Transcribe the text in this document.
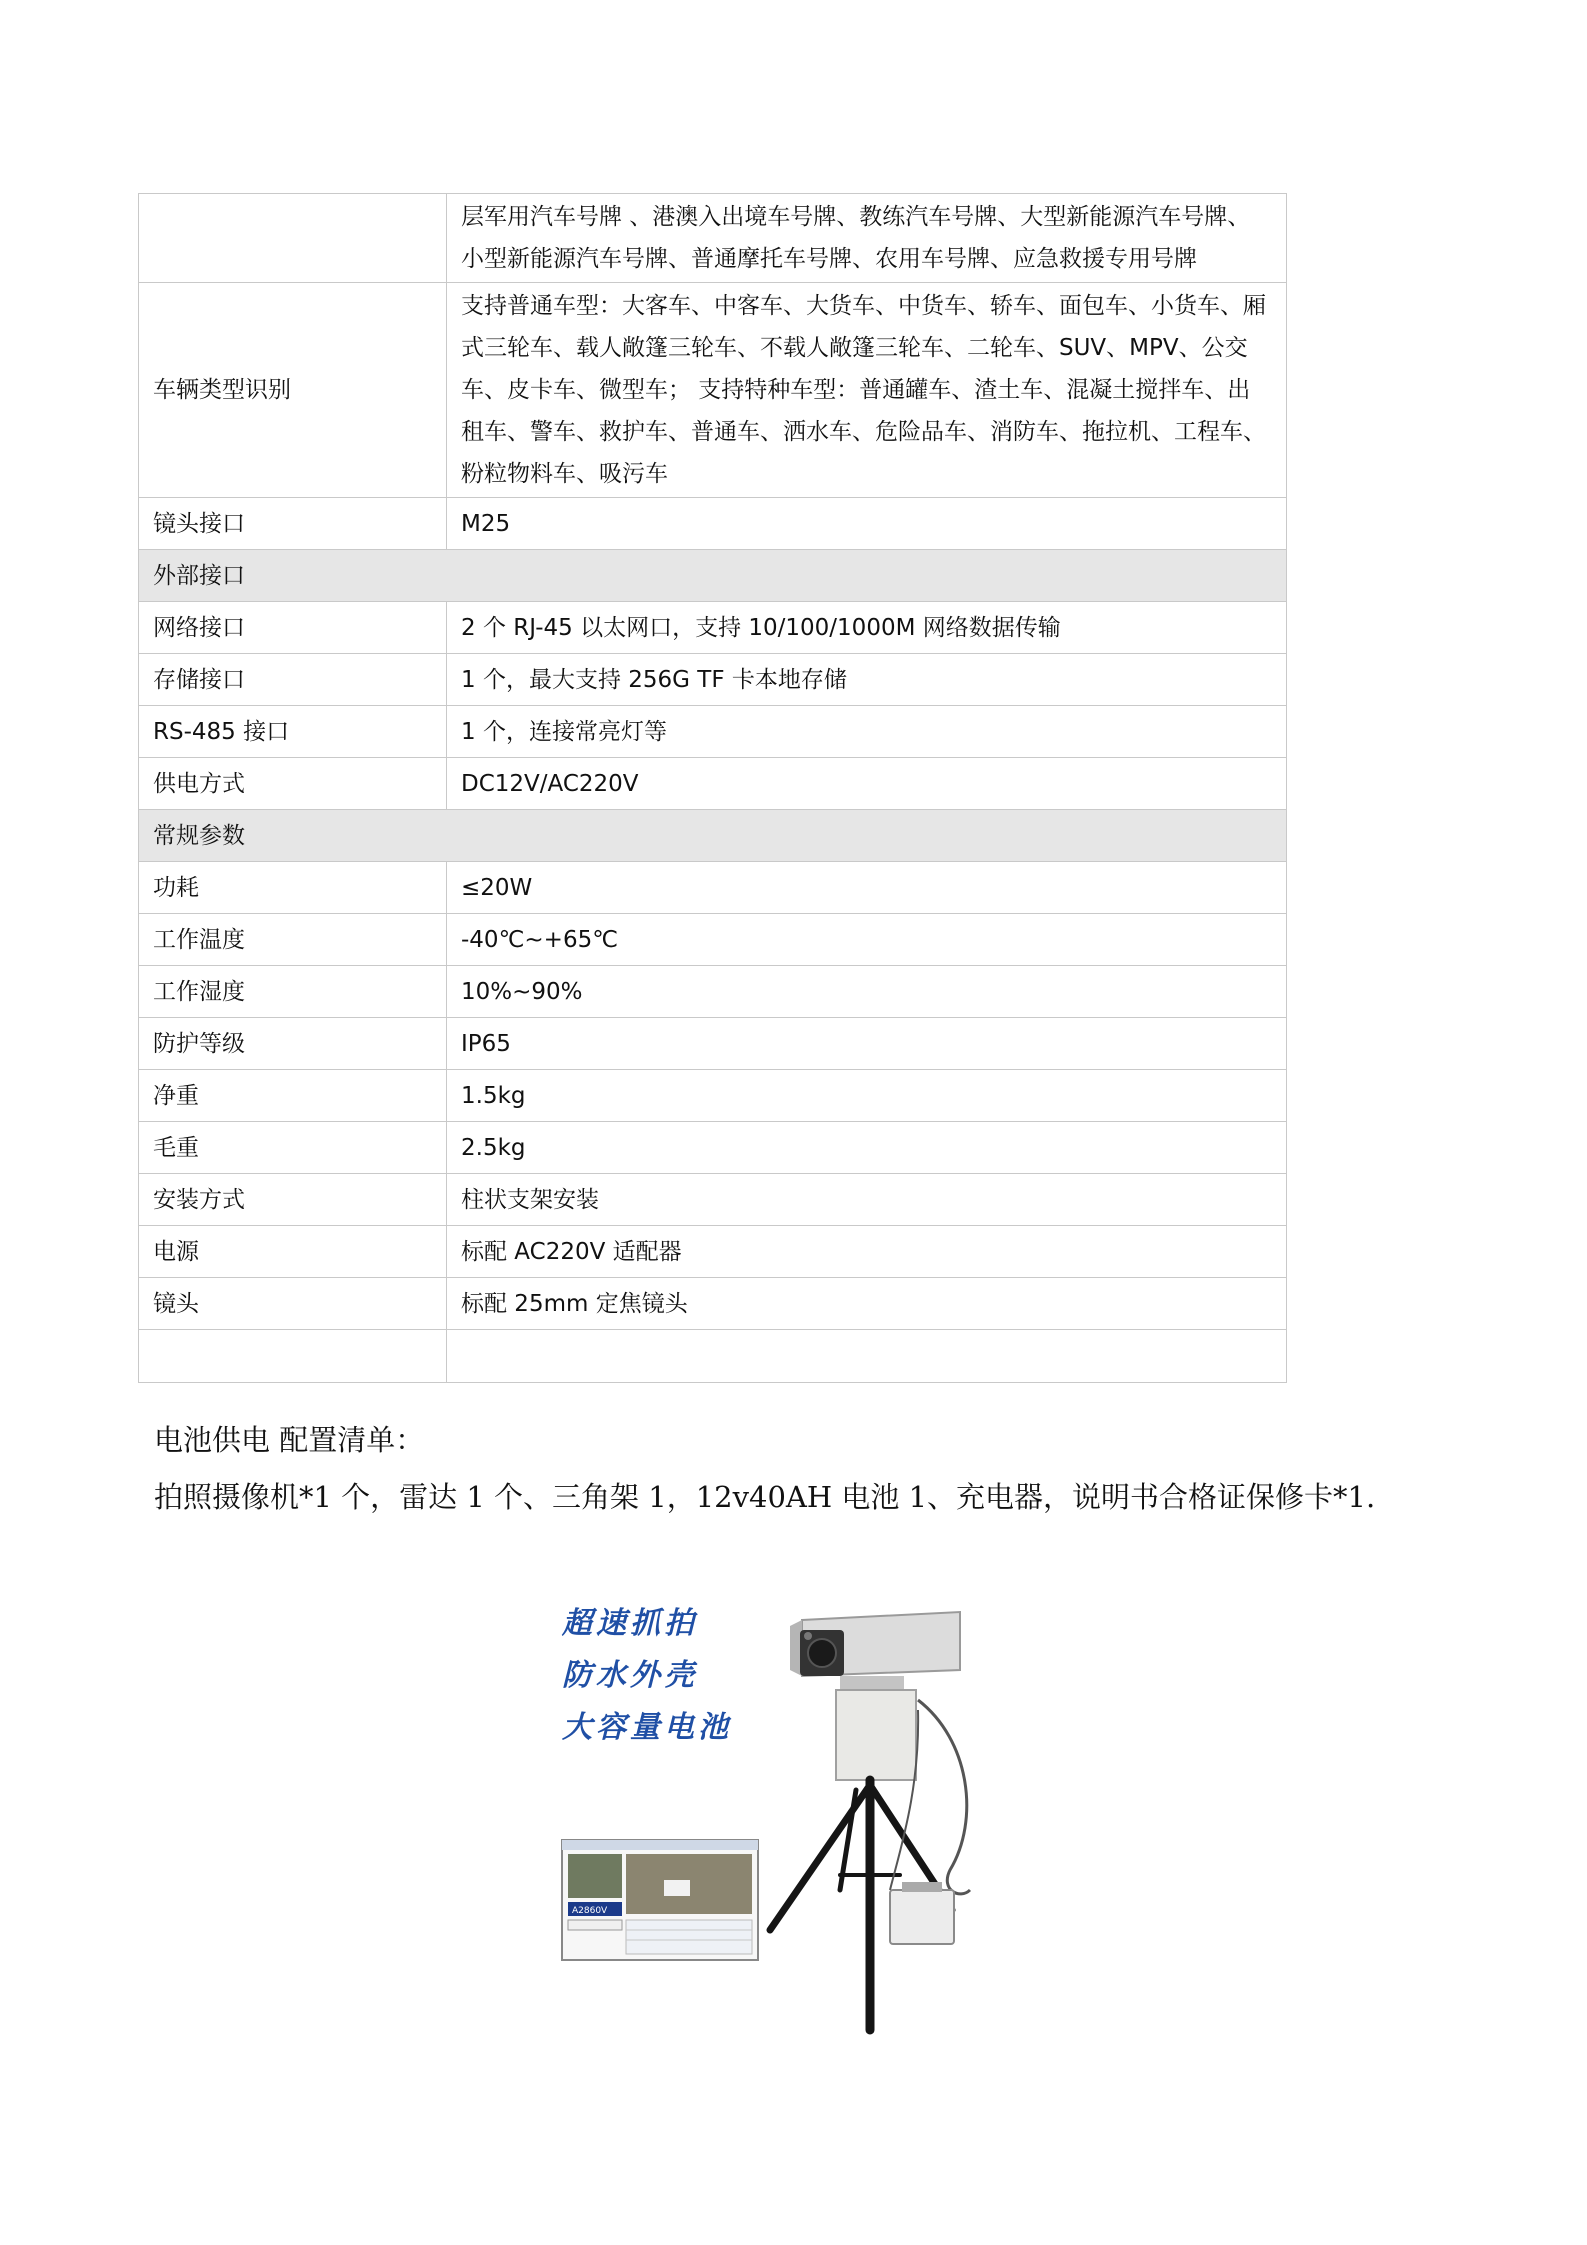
	层军用汽车号牌 、港澳入出境车号牌、教练汽车号牌、大型新能源汽车号牌、小型新能源汽车号牌、普通摩托车号牌、农用车号牌、应急救援专用号牌
车辆类型识别	支持普通车型：大客车、中客车、大货车、中货车、轿车、面包车、小货车、厢式三轮车、载人敞篷三轮车、不载人敞篷三轮车、二轮车、SUV、MPV、公交车、皮卡车、微型车； 支持特种车型：普通罐车、渣土车、混凝土搅拌车、出租车、警车、救护车、普通车、洒水车、危险品车、消防车、拖拉机、工程车、粉粒物料车、吸污车
镜头接口	M25
外部接口	
网络接口	2 个 RJ-45 以太网口，支持 10/100/1000M 网络数据传输
存储接口	1 个，最大支持 256G TF 卡本地存储
RS-485 接口	1 个，连接常亮灯等
供电方式	DC12V/AC220V
常规参数	
功耗	≤20W
工作温度	-40℃~+65℃
工作湿度	10%~90%
防护等级	IP65
净重	1.5kg
毛重	2.5kg
安装方式	柱状支架安装
电源	标配 AC220V 适配器
镜头	标配 25mm 定焦镜头

电池供电 配置清单：
拍照摄像机*1 个，雷达 1 个、三角架 1，12v40AH 电池 1、充电器，说明书合格证保修卡*1.
超速抓拍
防水外壳
大容量电池
A2860V
